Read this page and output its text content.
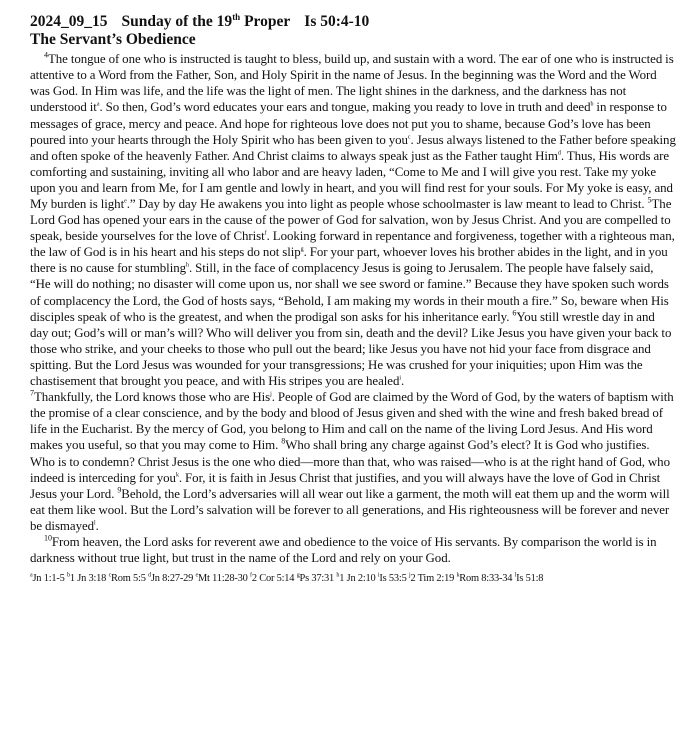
2024_09_15 Sunday of the 19th Proper Is 50:4-10
The Servant’s Obedience

$^4$The tongue of one who is instructed is taught to bless, build up, and sustain with a word. The ear of one who is instructed is attentive to a Word from the Father, Son, and Holy Spirit in the name of Jesus. In the beginning was the Word and the Word was God. In Him was life, and the life was the light of men. The light shines in the darkness, and the darkness has not understood $it^a$. So then, God’s word educates your ears and tongue, making you ready to love in truth and deed$^b$ in response to messages of grace, mercy and peace. And hope for righteous love does not put you to shame, because God’s love has been poured into your hearts through the Holy Spirit who has been given to you$^c$. Jesus always listened to the Father before speaking and often spoke of the heavenly Father. And Christ claims to always speak just as the Father taught Him$^d$. Thus, His words are comforting and sustaining, inviting all who labor and are heavy laden, “Come to Me and I will give you rest. Take my yoke upon you and learn from Me, for I am gentle and lowly in heart, and you will find rest for your souls. For My yoke is easy, and My burden is light$^e$.” Day by day He awakens you into light as people whose schoolmaster is law meant to lead to Christ. $^5$The Lord God has opened your ears in the cause of the power of God for salvation, won by Jesus Christ. And you are compelled to speak, beside yourselves for the love of Christ$^f$. Looking forward in repentance and forgiveness, together with a righteous man, the law of God is in his heart and his steps do not slip$^g$. For your part, whoever loves his brother abides in the light, and in you there is no cause for stumbling$^h$. Still, in the face of complacency Jesus is going to Jerusalem. The people have falsely said, “He will do nothing; no disaster will come upon us, nor shall we see sword or famine.” Because they have spoken such words of complacency the Lord, the God of hosts says, “Behold, I am making my words in their mouth a fire.” So, beware when His disciples speak of who is the greatest, and when the prodigal son asks for his inheritance early. $^6$You still wrestle day in and day out; God’s will or man’s will? Who will deliver you from sin, death and the devil? Like Jesus you have given your back to those who strike, and your cheeks to those who pull out the beard; like Jesus you have not hid your face from disgrace and spitting. But the Lord Jesus was wounded for your transgressions; He was crushed for your iniquities; upon Him was the chastisement that brought you peace, and with His stripes you are healed$^i$.
$^7$Thankfully, the Lord knows those who are His$^j$. People of God are claimed by the Word of God, by the waters of baptism with the promise of a clear conscience, and by the body and blood of Jesus given and shed with the wine and fresh baked bread of life in the Eucharist. By the mercy of God, you belong to Him and call on the name of the living Lord Jesus. And His word makes you useful, so that you may come to Him. $^8$Who shall bring any charge against God’s elect? It is God who justifies. Who is to condemn? Christ Jesus is the one who died—more than that, who was raised—who is at the right hand of God, who indeed is interceding for you$^k$. For, it is faith in Jesus Christ that justifies, and you will always have the love of God in Christ Jesus your Lord. $^9$Behold, the Lord’s adversaries will all wear out like a garment, the moth will eat them up and the worm will eat them like wool. But the Lord’s salvation will be forever to all generations, and His righteousness will be forever and never be dismayed$^l$.

$^{10}$From heaven, the Lord asks for reverent awe and obedience to the voice of His servants. By comparison the world is in darkness without true light, but trust in the name of the Lord and rely on your God.

$^a$Jn 1:1-5 $^b$1 Jn 3:18 $^c$Rom 5:5 $^d$Jn 8:27-29 $^e$Mt 11:28-30 $^f$2 Cor 5:14 $^g$Ps 37:31 $^h$1 Jn 2:10 $^i$Is 53:5 $^j$2 Tim 2:19 $^k$Rom 8:33-34 $^l$Is 51:8
